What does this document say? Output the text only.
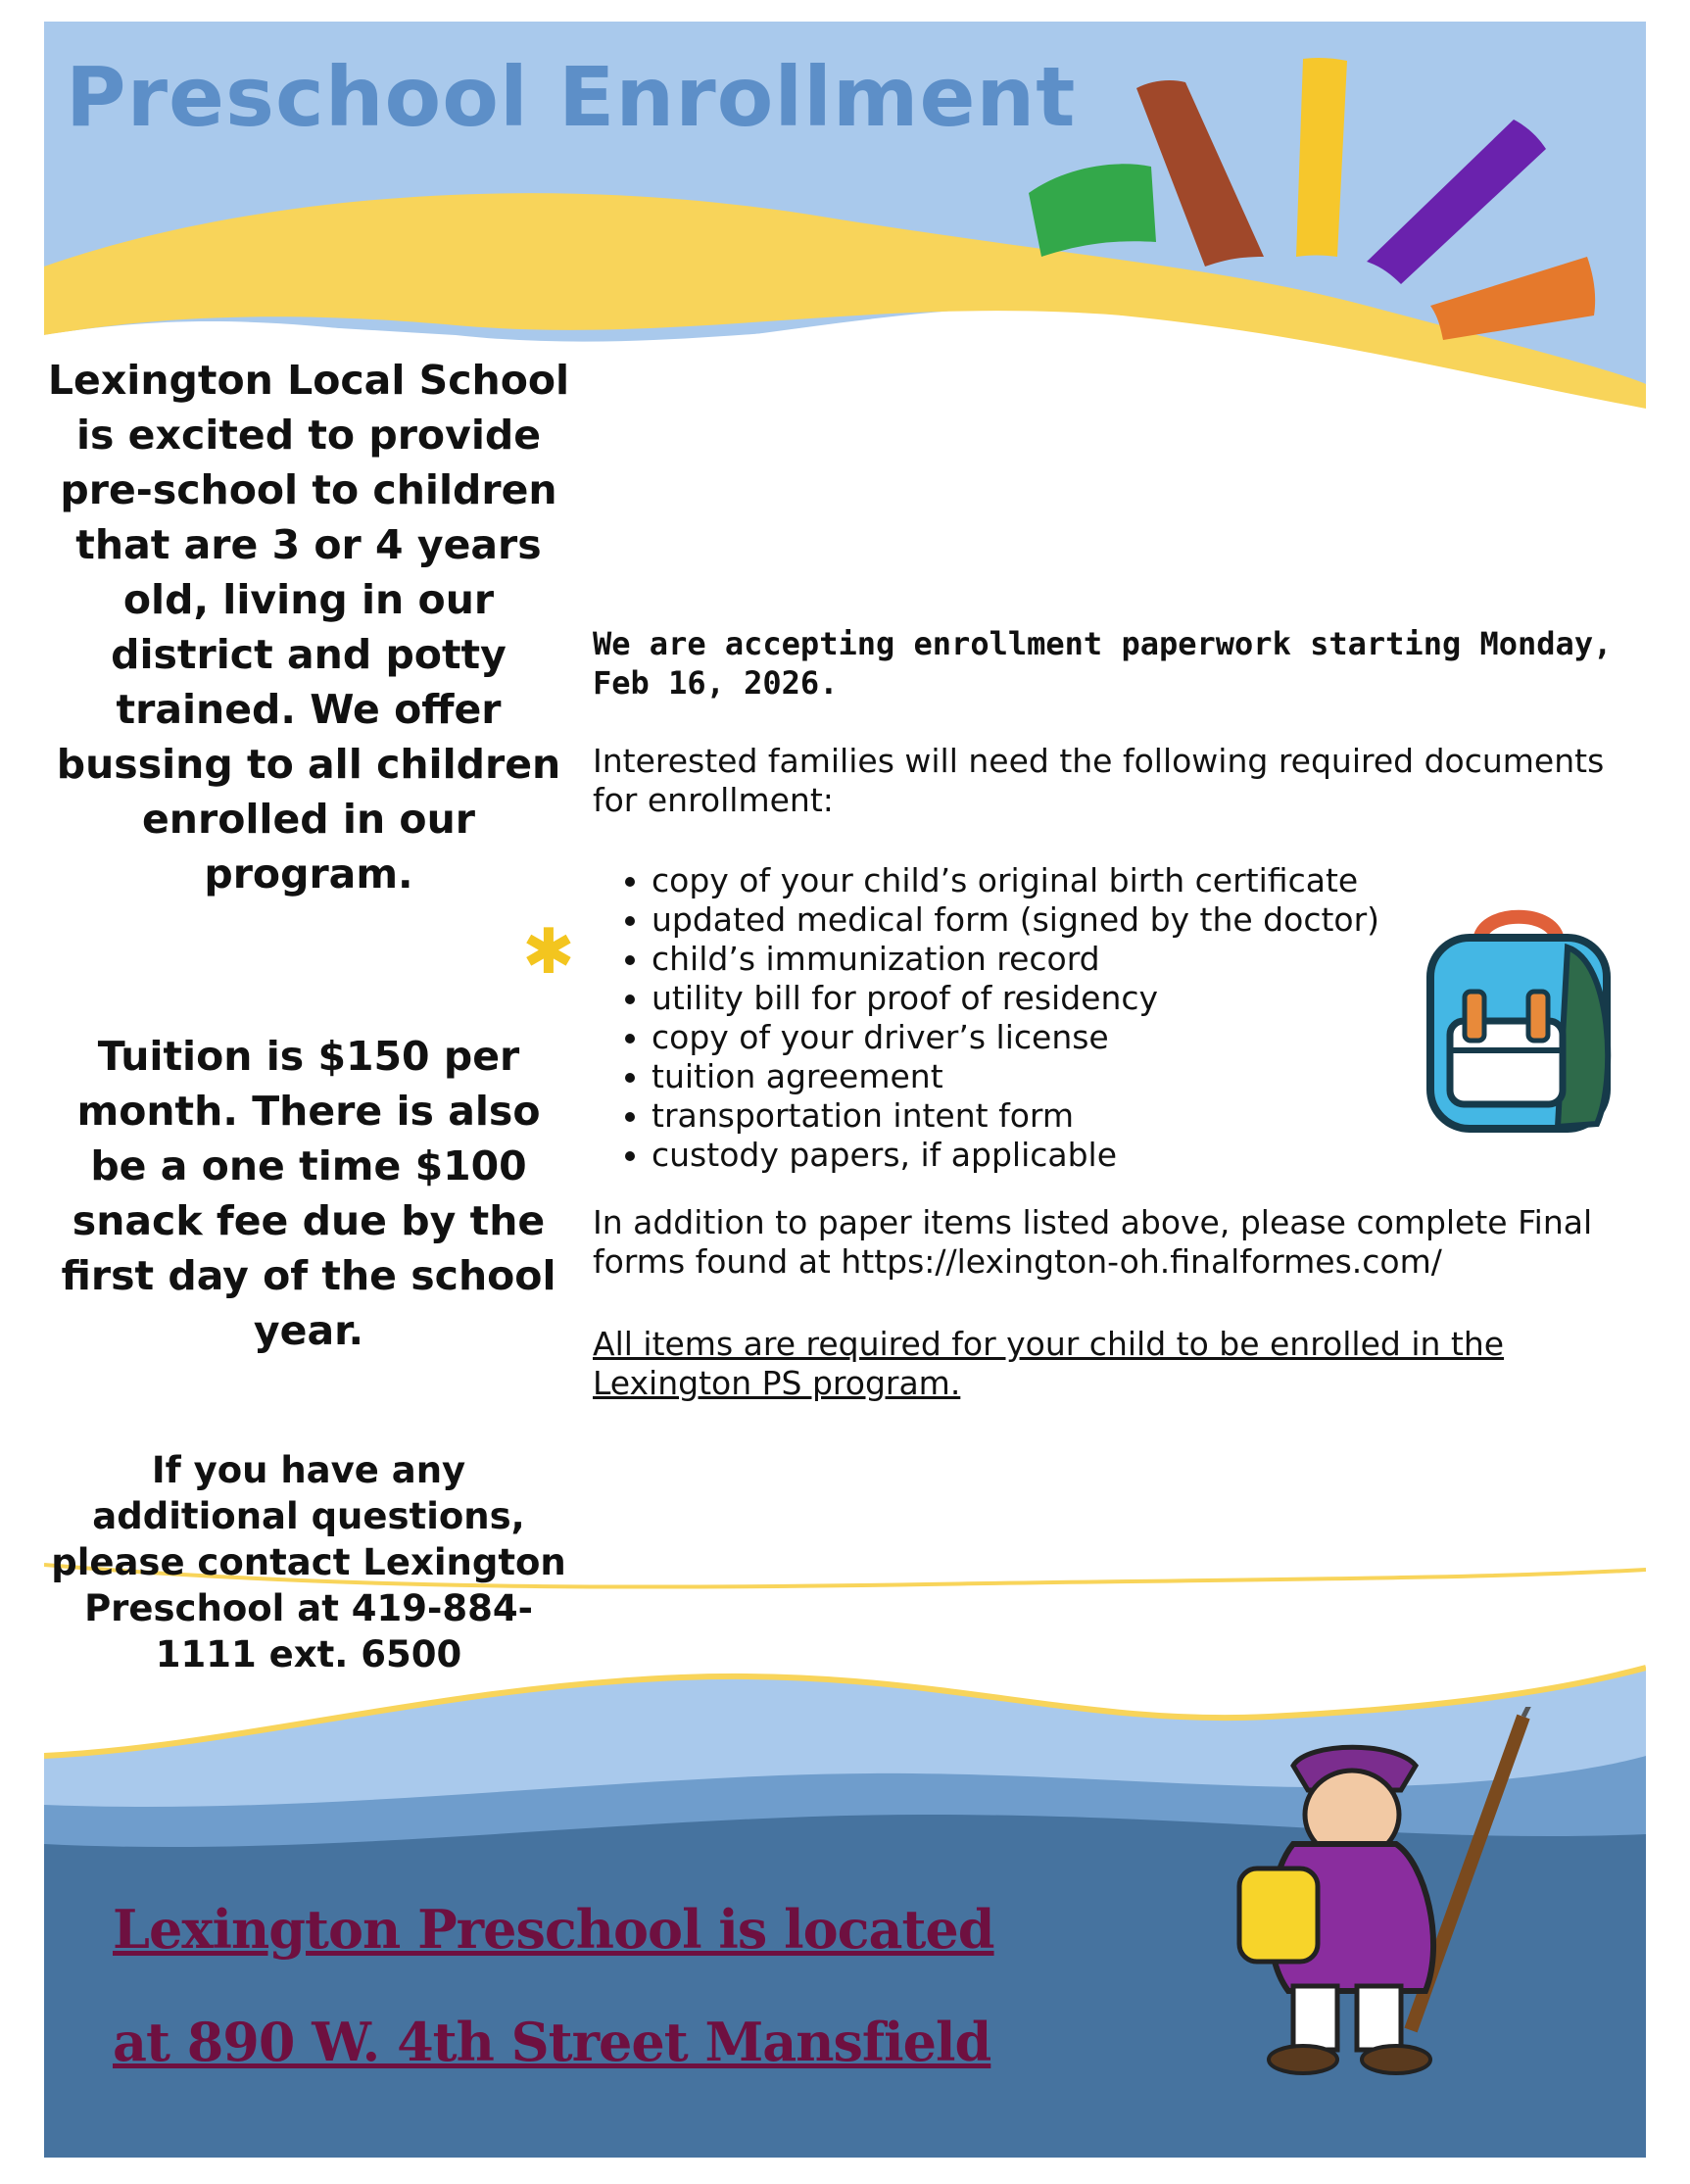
Preschool Enrollment

Lexington Local School is excited to provide pre-school to children that are 3 or 4 years old, living in our district and potty trained. We offer bussing to all children enrolled in our program.

Tuition is $150 per month. There is also be a one time $100 snack fee due by the first day of the school year.

If you have any additional questions, please contact Lexington Preschool at 419-884-1111 ext. 6500

✱

We are accepting enrollment paperwork starting Monday, Feb 16, 2026.

Interested families will need the following required documents for enrollment:

• copy of your child’s original birth certificate
• updated medical form (signed by the doctor)
• child’s immunization record
• utility bill for proof of residency
• copy of your driver’s license
• tuition agreement
• transportation intent form
• custody papers, if applicable

In addition to paper items listed above, please complete Final forms found at https://lexington-oh.finalformes.com/

All items are required for your child to be enrolled in the Lexington PS program.

Lexington Preschool is located

at 890 W. 4th Street Mansfield
